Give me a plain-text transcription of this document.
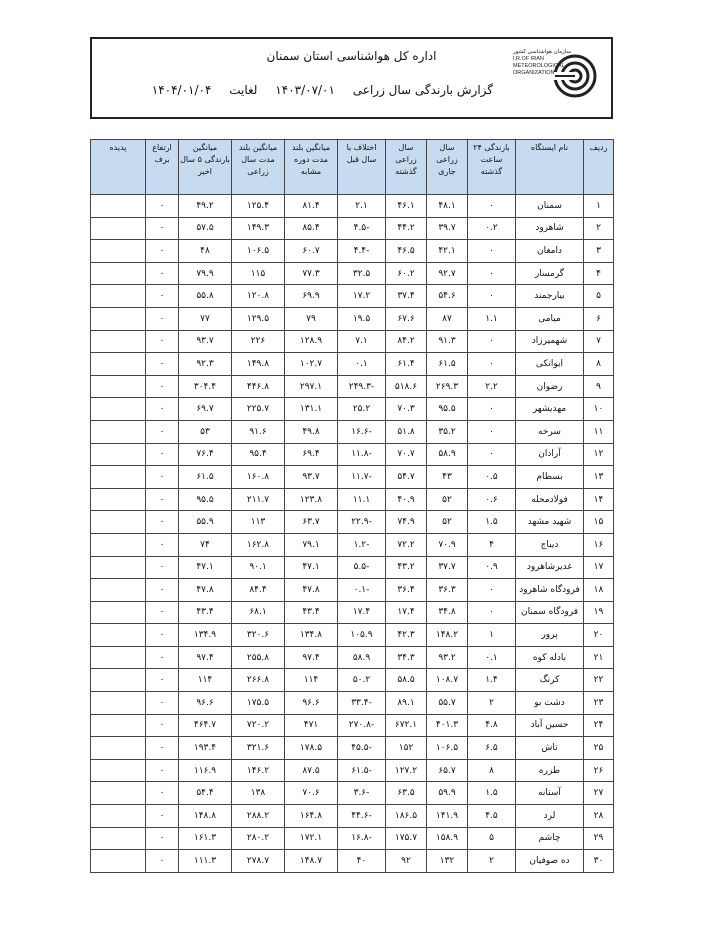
سازمان هواشناسی کشور
I.R.OF IRAN
METEOROLOGICAL
ORGANIZATION
اداره کل هواشناسی استان سمنان
گزارش بارندگی سال زراعی ۱۴۰۳/۰۷/۰۱ لغایت ۱۴۰۴/۰۱/۰۴
ردیف	نام ایستگاه	بارندگی ۲۴ ساعت گذشته	سال زراعی جاری	سال زراعی گذشته	اختلاف با سال قبل	میانگین بلند مدت دوره مشابه	میانگین بلند مدت سال زراعی	میانگین بارندگی ۵ سال اخیر	ارتفاع برف	پدیده
۱	سمنان	۰	۴۸.۱	۴۶.۱	۲.۱	۸۱.۴	۱۲۵.۴	۴۹.۲	۰	
۲	شاهرود	۰.۲	۳۹.۷	۴۴.۲	-۴.۵	۸۵.۴	۱۴۹.۳	۵۷.۵	۰	
۳	دامغان	۰	۴۲.۱	۴۶.۵	-۴.۴	۶۰.۷	۱۰۶.۵	۴۸	۰	
۴	گرمسار	۰	۹۲.۷	۶۰.۲	۳۲.۵	۷۷.۳	۱۱۵	۷۹.۹	۰	
۵	بیارجمند	۰	۵۴.۶	۳۷.۴	۱۷.۲	۶۹.۹	۱۲۰.۸	۵۵.۸	۰	
۶	میامی	۱.۱	۸۷	۶۷.۶	۱۹.۵	۷۹	۱۲۹.۵	۷۷	۰	
۷	شهمیرزاد	۰	۹۱.۳	۸۴.۲	۷.۱	۱۲۸.۹	۲۲۶	۹۳.۷	۰	
۸	ایوانکی	۰	۶۱.۵	۶۱.۴	۰.۱	۱۰۲.۷	۱۴۹.۸	۹۲.۳	۰	
۹	رضوان	۲.۲	۲۶۹.۳	۵۱۸.۶	-۲۴۹.۳	۲۹۷.۱	۴۴۶.۸	۳۰۴.۴	۰	
۱۰	مهدیشهر	۰	۹۵.۵	۷۰.۳	۲۵.۲	۱۳۱.۱	۲۲۵.۷	۶۹.۷	۰	
۱۱	سرخه	۰	۳۵.۲	۵۱.۸	-۱۶.۶	۴۹.۸	۹۱.۶	۵۳	۰	
۱۲	آرادان	۰	۵۸.۹	۷۰.۷	-۱۱.۸	۶۹.۴	۹۵.۴	۷۶.۴	۰	
۱۳	بسطام	۰.۵	۴۳	۵۴.۷	-۱۱.۷	۹۳.۷	۱۶۰.۸	۶۱.۵	۰	
۱۴	فولادمحله	۰.۶	۵۲	۴۰.۹	۱۱.۱	۱۲۳.۸	۲۱۱.۷	۹۵.۵	۰	
۱۵	شهید مشهد	۱.۵	۵۲	۷۴.۹	-۲۲.۹	۶۳.۷	۱۱۳	۵۵.۹	۰	
۱۶	دیباج	۴	۷۰.۹	۷۲.۲	-۱.۲	۷۹.۱	۱۶۲.۸	۷۴	۰	
۱۷	غدیرشاهرود	۰.۹	۳۷.۷	۴۳.۲	-۵.۵	۴۷.۱	۹۰.۱	۴۷.۱	۰	
۱۸	فرودگاه شاهرود	۰	۳۶.۳	۳۶.۴	-۰.۱	۴۷.۸	۸۴.۴	۴۷.۸	۰	
۱۹	فرودگاه سمنان	۰	۳۴.۸	۱۷.۴	۱۷.۴	۴۳.۴	۶۸.۱	۴۳.۴	۰	
۲۰	پرور	۱	۱۴۸.۲	۴۲.۳	۱۰۵.۹	۱۳۴.۸	۳۲۰.۶	۱۳۴.۹	۰	
۲۱	بادله کوه	۰.۱	۹۳.۲	۳۴.۳	۵۸.۹	۹۷.۴	۲۵۵.۸	۹۷.۴	۰	
۲۲	کرنگ	۱.۴	۱۰۸.۷	۵۸.۵	۵۰.۲	۱۱۴	۲۶۶.۸	۱۱۴	۰	
۲۳	دشت بو	۲	۵۵.۷	۸۹.۱	-۳۳.۴	۹۶.۶	۱۷۵.۵	۹۶.۶	۰	
۲۴	حسین آباد	۴.۸	۴۰۱.۳	۶۷۲.۱	-۲۷۰.۸	۴۷۱	۷۲۰.۲	۴۶۴.۷	۰	
۲۵	تاش	۶.۵	۱۰۶.۵	۱۵۲	-۴۵.۵	۱۷۸.۵	۳۲۱.۶	۱۹۳.۴	۰	
۲۶	طزره	۸	۶۵.۷	۱۲۷.۲	-۶۱.۵	۸۷.۵	۱۴۶.۲	۱۱۶.۹	۰	
۲۷	آستانه	۱.۵	۵۹.۹	۶۳.۵	-۳.۶	۷۰.۶	۱۳۸	۵۴.۴	۰	
۲۸	لرد	۴.۵	۱۴۱.۹	۱۸۶.۵	-۴۴.۶	۱۶۴.۸	۲۸۸.۲	۱۴۸.۸	۰	
۲۹	چاشم	۵	۱۵۸.۹	۱۷۵.۷	-۱۶.۸	۱۷۲.۱	۲۸۰.۲	۱۶۱.۳	۰	
۳۰	ده صوفیان	۲	۱۳۲	۹۲	۴۰	۱۴۸.۷	۲۷۸.۷	۱۱۱.۳	۰	
